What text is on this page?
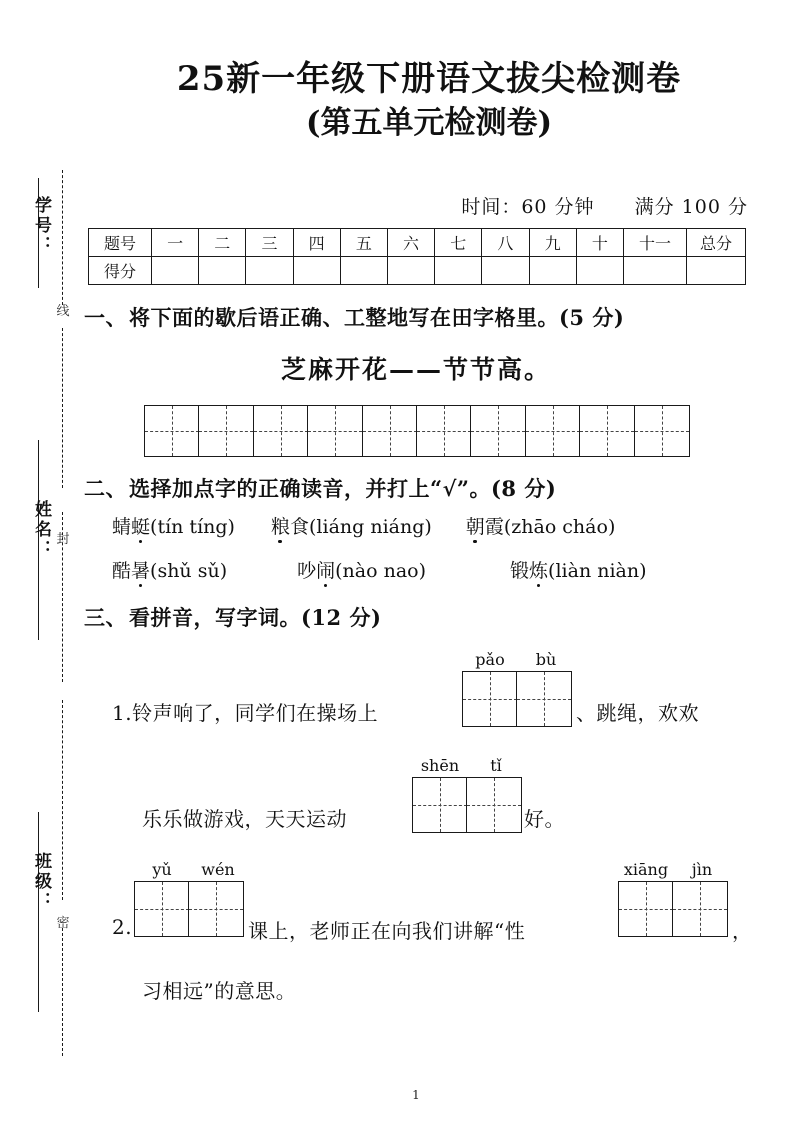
学号：
线
姓名： 封
班级：
密
25新一年级下册语文拔尖检测卷
(第五单元检测卷)
时间：60 分钟 满分 100 分
题号	一	二	三	四	五	六	七	八	九	十	十一	总分
得分												
一、将下面的歇后语正确、工整地写在田字格里。(5 分)
芝麻开花——节节高。
二、选择加点字的正确读音，并打上“√”。(8 分)
蜻蜓(tín tíng) 粮食(liáng niáng) 朝霞(zhāo cháo)
酷暑(shǔ sǔ)	吵闹(nào nao)	锻炼(liàn niàn)
三、看拼音，写字词。(12 分)
1.铃声响了，同学们在操场上
pǎo	bù
、跳绳，欢欢
乐乐做游戏，天天运动
shēn	tǐ
好。
2.
yǔ	wén
课上，老师正在向我们讲解“性
xiāng	jìn
，
习相远”的意思。
1
